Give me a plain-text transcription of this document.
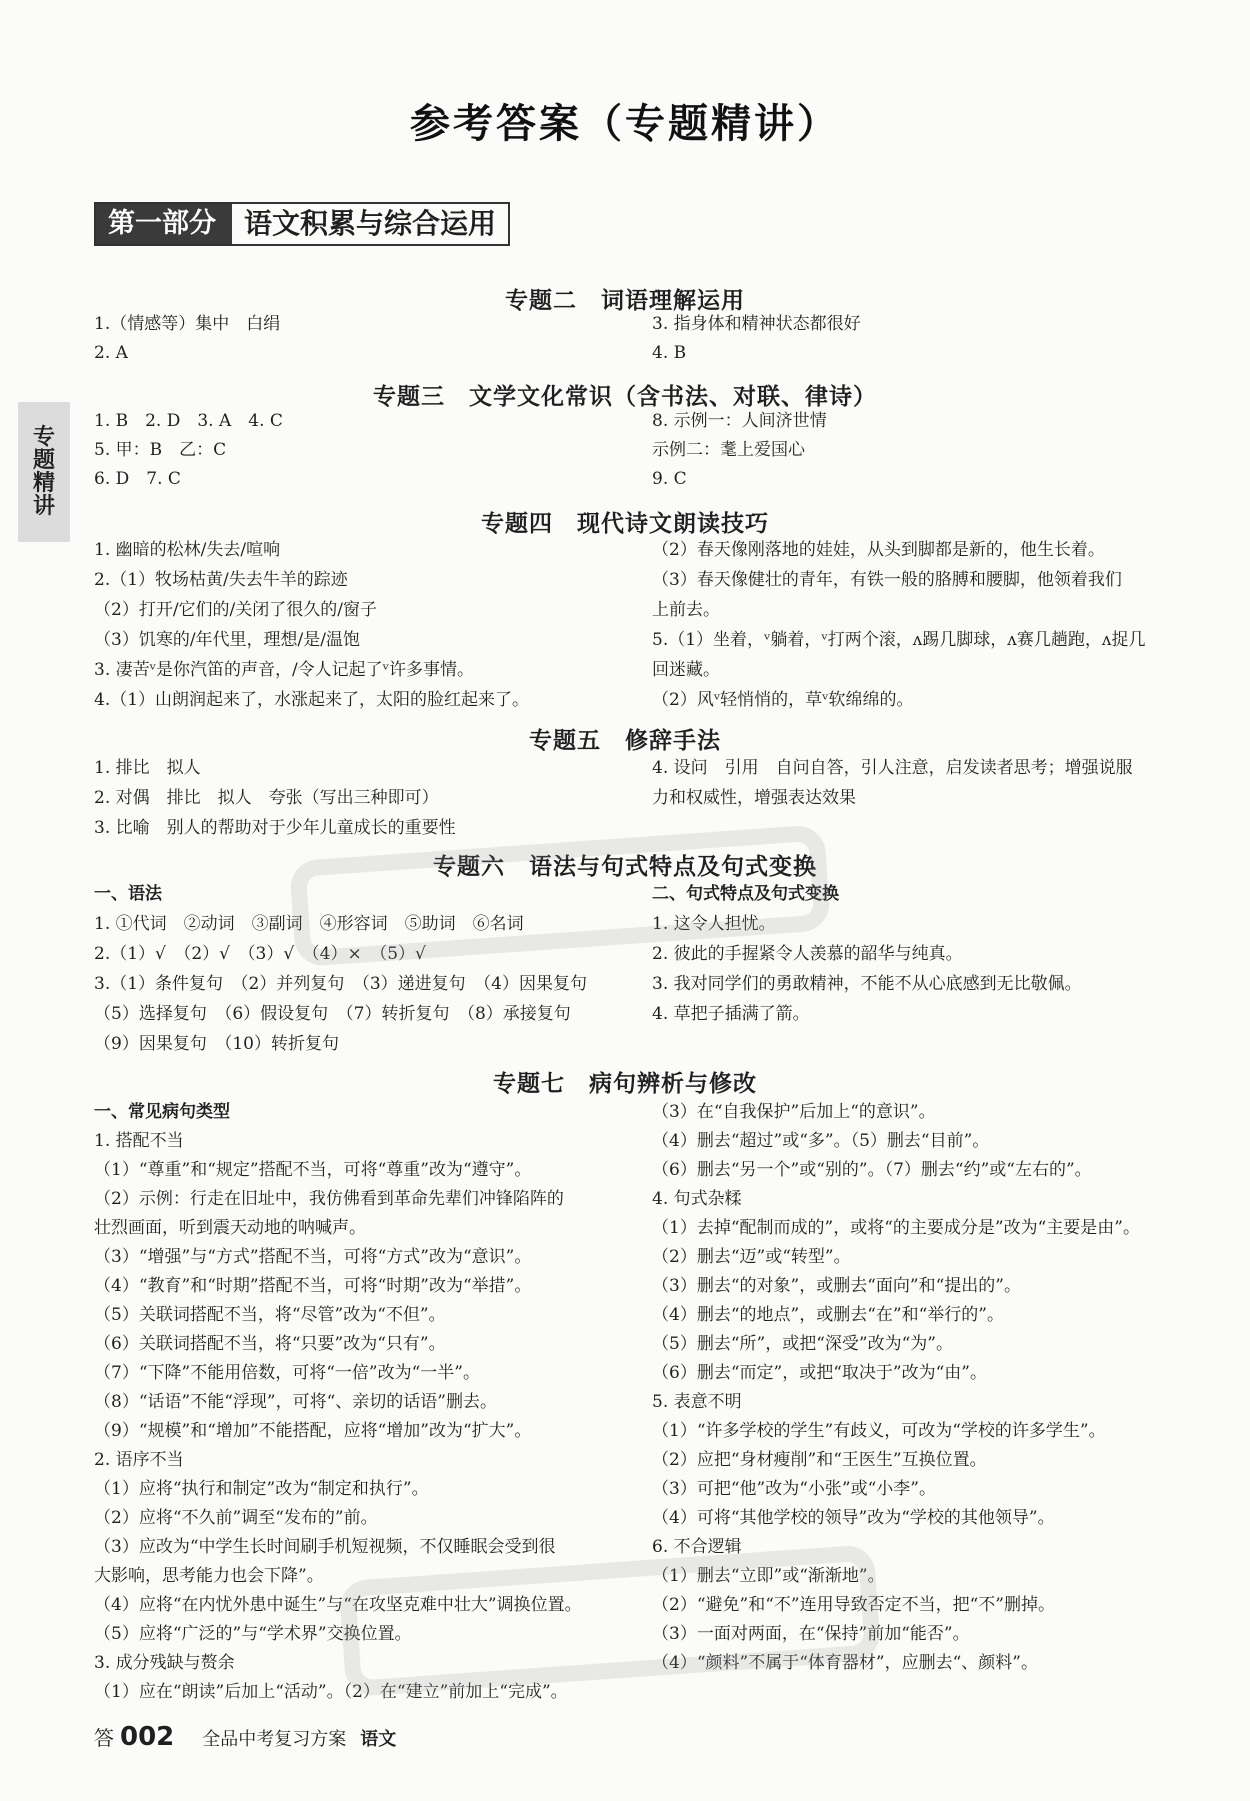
参考答案（专题精讲）
第一部分	语文积累与综合运用
专
题
精
讲
专题二　词语理解运用
1.（情感等）集中　白绢
2. A
3. 指身体和精神状态都很好
4. B
专题三　文学文化常识（含书法、对联、律诗）
1. B　2. D　3. A　4. C
5. 甲：B　乙：C
6. D　7. C
8. 示例一：人间济世情
示例二：耄上爱国心
9. C
专题四　现代诗文朗读技巧
1. 幽暗的松林/失去/喧响
2.（1）牧场枯黄/失去牛羊的踪迹
（2）打开/它们的/关闭了很久的/窗子
（3）饥寒的/年代里，理想/是/温饱
3. 凄苦ᵛ是你汽笛的声音，/令人记起了ᵛ许多事情。
4.（1）山朗润起来了，水涨起来了，太阳的脸红起来了。
（2）春天像刚落地的娃娃，从头到脚都是新的，他生长着。
（3）春天像健壮的青年，有铁一般的胳膊和腰脚，他领着我们
上前去。
5.（1）坐着，ᵛ躺着，ᵛ打两个滚，ᴧ踢几脚球，ᴧ赛几趟跑，ᴧ捉几
回迷藏。
（2）风ᵛ轻悄悄的，草ᵛ软绵绵的。
专题五　修辞手法
1. 排比　拟人
2. 对偶　排比　拟人　夸张（写出三种即可）
3. 比喻　别人的帮助对于少年儿童成长的重要性
4. 设问　引用　自问自答，引人注意，启发读者思考；增强说服
力和权威性，增强表达效果
专题六　语法与句式特点及句式变换
一、语法
1. ①代词　②动词　③副词　④形容词　⑤助词　⑥名词
2.（1）√　（2）√　（3）√　（4）×　（5）√
3.（1）条件复句　（2）并列复句　（3）递进复句　（4）因果复句
（5）选择复句　（6）假设复句　（7）转折复句　（8）承接复句
（9）因果复句　（10）转折复句
二、句式特点及句式变换
1. 这令人担忧。
2. 彼此的手握紧令人羡慕的韶华与纯真。
3. 我对同学们的勇敢精神，不能不从心底感到无比敬佩。
4. 草把子插满了箭。
专题七　病句辨析与修改
一、常见病句类型
1. 搭配不当
（1）“尊重”和“规定”搭配不当，可将“尊重”改为“遵守”。
（2）示例：行走在旧址中，我仿佛看到革命先辈们冲锋陷阵的
壮烈画面，听到震天动地的呐喊声。
（3）“增强”与“方式”搭配不当，可将“方式”改为“意识”。
（4）“教育”和“时期”搭配不当，可将“时期”改为“举措”。
（5）关联词搭配不当，将“尽管”改为“不但”。
（6）关联词搭配不当，将“只要”改为“只有”。
（7）“下降”不能用倍数，可将“一倍”改为“一半”。
（8）“话语”不能“浮现”，可将“、亲切的话语”删去。
（9）“规模”和“增加”不能搭配，应将“增加”改为“扩大”。
2. 语序不当
（1）应将“执行和制定”改为“制定和执行”。
（2）应将“不久前”调至“发布的”前。
（3）应改为“中学生长时间刷手机短视频，不仅睡眠会受到很
大影响，思考能力也会下降”。
（4）应将“在内忧外患中诞生”与“在攻坚克难中壮大”调换位置。
（5）应将“广泛的”与“学术界”交换位置。
3. 成分残缺与赘余
（1）应在“朗读”后加上“活动”。（2）在“建立”前加上“完成”。
（3）在“自我保护”后加上“的意识”。
（4）删去“超过”或“多”。（5）删去“目前”。
（6）删去“另一个”或“别的”。（7）删去“约”或“左右的”。
4. 句式杂糅
（1）去掉“配制而成的”，或将“的主要成分是”改为“主要是由”。
（2）删去“迈”或“转型”。
（3）删去“的对象”，或删去“面向”和“提出的”。
（4）删去“的地点”，或删去“在”和“举行的”。
（5）删去“所”，或把“深受”改为“为”。
（6）删去“而定”，或把“取决于”改为“由”。
5. 表意不明
（1）“许多学校的学生”有歧义，可改为“学校的许多学生”。
（2）应把“身材瘦削”和“王医生”互换位置。
（3）可把“他”改为“小张”或“小李”。
（4）可将“其他学校的领导”改为“学校的其他领导”。
6. 不合逻辑
（1）删去“立即”或“渐渐地”。
（2）“避免”和“不”连用导致否定不当，把“不”删掉。
（3）一面对两面，在“保持”前加“能否”。
（4）“颜料”不属于“体育器材”，应删去“、颜料”。
答 002 全品中考复习方案 语文
